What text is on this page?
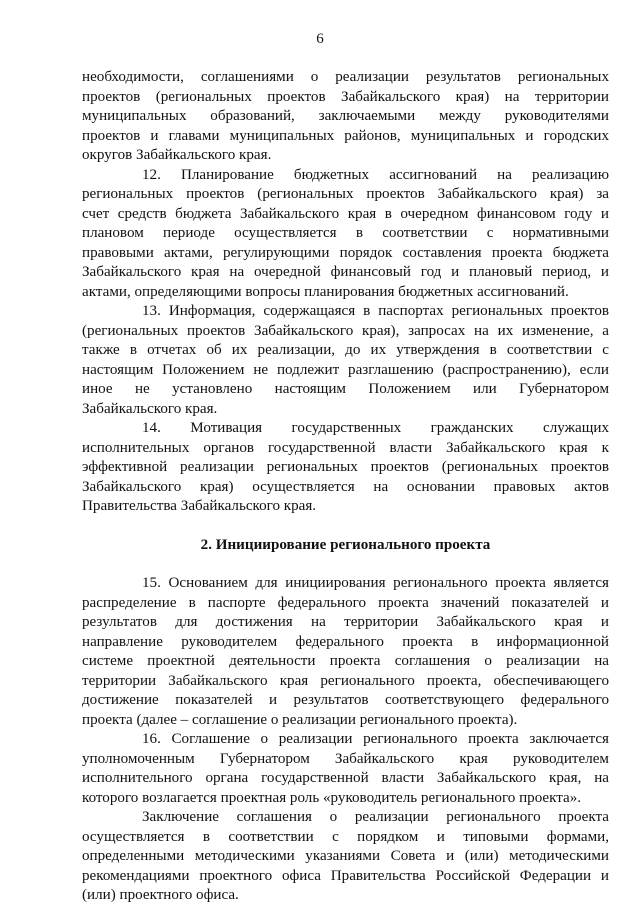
6

необходимости, соглашениями о реализации результатов региональных
проектов (региональных проектов Забайкальского края) на территории
муниципальных образований, заключаемыми между руководителями
проектов и главами муниципальных районов, муниципальных и городских
округов Забайкальского края.

12. Планирование бюджетных ассигнований на реализацию
региональных проектов (региональных проектов Забайкальского края) за
счет средств бюджета Забайкальского края в очередном финансовом году и
плановом периоде осуществляется в соответствии с нормативными
правовыми актами, регулирующими порядок составления проекта бюджета
Забайкальского края на очередной финансовый год и плановый период, и
актами, определяющими вопросы планирования бюджетных ассигнований.

13. Информация, содержащаяся в паспортах региональных проектов
(региональных проектов Забайкальского края), запросах на их изменение, а
также в отчетах об их реализации, до их утверждения в соответствии с
настоящим Положением не подлежит разглашению (распространению), если
иное не установлено настоящим Положением или Губернатором
Забайкальского края.

14. Мотивация государственных гражданских служащих
исполнительных органов государственной власти Забайкальского края к
эффективной реализации региональных проектов (региональных проектов
Забайкальского края) осуществляется на основании правовых актов
Правительства Забайкальского края.

2. Инициирование регионального проекта

15. Основанием для инициирования регионального проекта является
распределение в паспорте федерального проекта значений показателей и
результатов для достижения на территории Забайкальского края и
направление руководителем федерального проекта в информационной
системе проектной деятельности проекта соглашения о реализации на
территории Забайкальского края регионального проекта, обеспечивающего
достижение показателей и результатов соответствующего федерального
проекта (далее – соглашение о реализации регионального проекта).

16. Соглашение о реализации регионального проекта заключается
уполномоченным Губернатором Забайкальского края руководителем
исполнительного органа государственной власти Забайкальского края, на
которого возлагается проектная роль «руководитель регионального проекта».

Заключение соглашения о реализации регионального проекта
осуществляется в соответствии с порядком и типовыми формами,
определенными методическими указаниями Совета и (или) методическими
рекомендациями проектного офиса Правительства Российской Федерации и
(или) проектного офиса.
